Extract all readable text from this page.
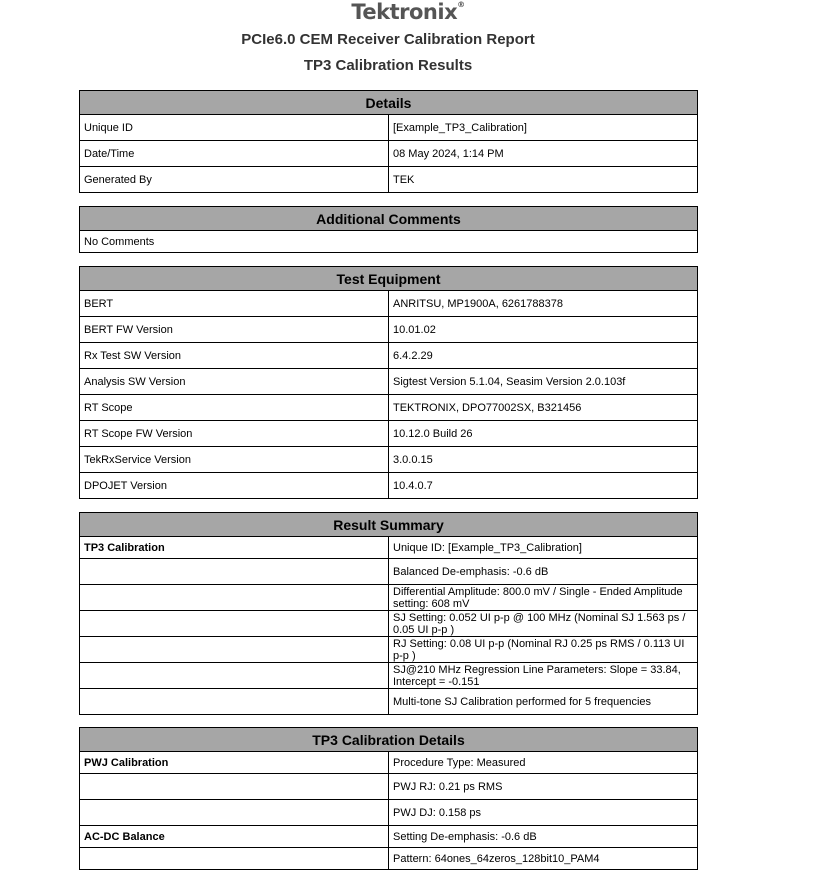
Tektronix®
PCIe6.0 CEM Receiver Calibration Report
TP3 Calibration Results
Details	
Unique ID	[Example_TP3_Calibration]
Date/Time	08 May 2024, 1:14 PM
Generated By	TEK
Additional Comments
No Comments
Test Equipment	
BERT	ANRITSU, MP1900A, 6261788378
BERT FW Version	10.01.02
Rx Test SW Version	6.4.2.29
Analysis SW Version	Sigtest Version 5.1.04, Seasim Version 2.0.103f
RT Scope	TEKTRONIX, DPO77002SX, B321456
RT Scope FW Version	10.12.0 Build 26
TekRxService Version	3.0.0.15
DPOJET Version	10.4.0.7
Result Summary	
TP3 Calibration	Unique ID: [Example_TP3_Calibration]
	Balanced De-emphasis: -0.6 dB
	Differential Amplitude: 800.0 mV / Single - Ended Amplitude setting: 608 mV
	SJ Setting: 0.052 UI p-p @ 100 MHz (Nominal SJ 1.563 ps / 0.05 UI p-p )
	RJ Setting: 0.08 UI p-p (Nominal RJ 0.25 ps RMS / 0.113 UI p-p )
	SJ@210 MHz Regression Line Parameters: Slope = 33.84, Intercept = -0.151
	Multi-tone SJ Calibration performed for 5 frequencies
TP3 Calibration Details	
PWJ Calibration	Procedure Type: Measured
	PWJ RJ: 0.21 ps RMS
	PWJ DJ: 0.158 ps
AC-DC Balance	Setting De-emphasis: -0.6 dB
	Pattern: 64ones_64zeros_128bit10_PAM4
